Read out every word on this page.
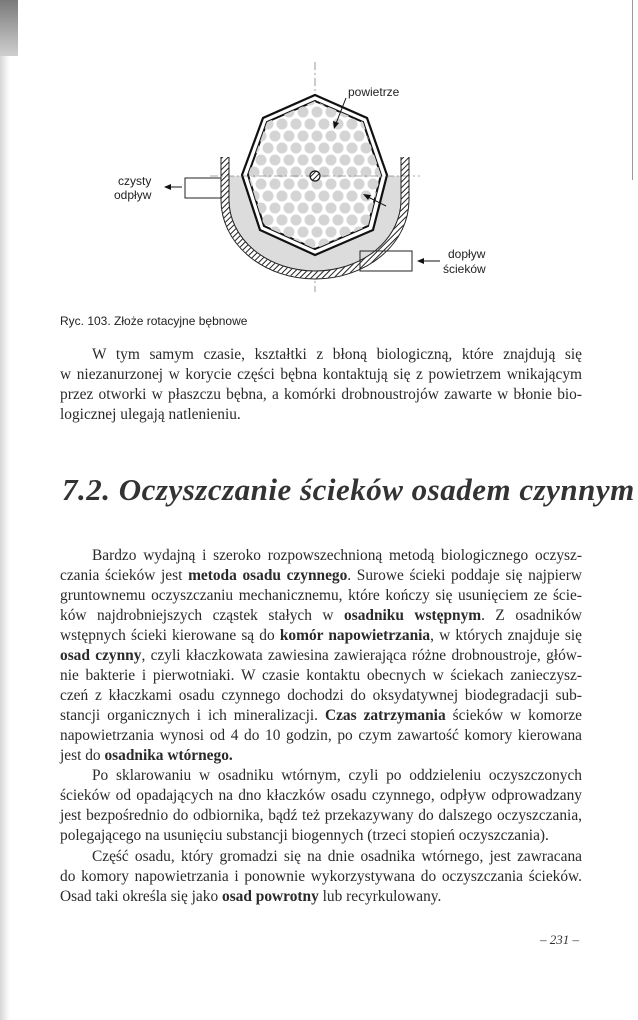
powietrze
czysty
odpływ
dopływ
ścieków
Ryc. 103. Złoże rotacyjne bębnowe
W tym samym czasie, kształtki z błoną biologiczną, które znajdują się
w niezanurzonej w korycie części bębna kontaktują się z powietrzem wnikającym
przez otworki w płaszczu bębna, a komórki drobnoustrojów zawarte w błonie bio-
logicznej ulegają natlenieniu.
7.2. Oczyszczanie ścieków osadem czynnym
Bardzo wydajną i szeroko rozpowszechnioną metodą biologicznego oczysz-
czania ścieków jest metoda osadu czynnego. Surowe ścieki poddaje się najpierw
gruntownemu oczyszczaniu mechanicznemu, które kończy się usunięciem ze ście-
ków najdrobniejszych cząstek stałych w osadniku wstępnym. Z osadników
wstępnych ścieki kierowane są do komór napowietrzania, w których znajduje się
osad czynny, czyli kłaczkowata zawiesina zawierająca różne drobnoustroje, głów-
nie bakterie i pierwotniaki. W czasie kontaktu obecnych w ściekach zanieczysz-
czeń z kłaczkami osadu czynnego dochodzi do oksydatywnej biodegradacji sub-
stancji organicznych i ich mineralizacji. Czas zatrzymania ścieków w komorze
napowietrzania wynosi od 4 do 10 godzin, po czym zawartość komory kierowana
jest do osadnika wtórnego.
Po sklarowaniu w osadniku wtórnym, czyli po oddzieleniu oczyszczonych
ścieków od opadających na dno kłaczków osadu czynnego, odpływ odprowadzany
jest bezpośrednio do odbiornika, bądź też przekazywany do dalszego oczyszczania,
polegającego na usunięciu substancji biogennych (trzeci stopień oczyszczania).
Część osadu, który gromadzi się na dnie osadnika wtórnego, jest zawracana
do komory napowietrzania i ponownie wykorzystywana do oczyszczania ścieków.
Osad taki określa się jako osad powrotny lub recyrkulowany.
– 231 –
